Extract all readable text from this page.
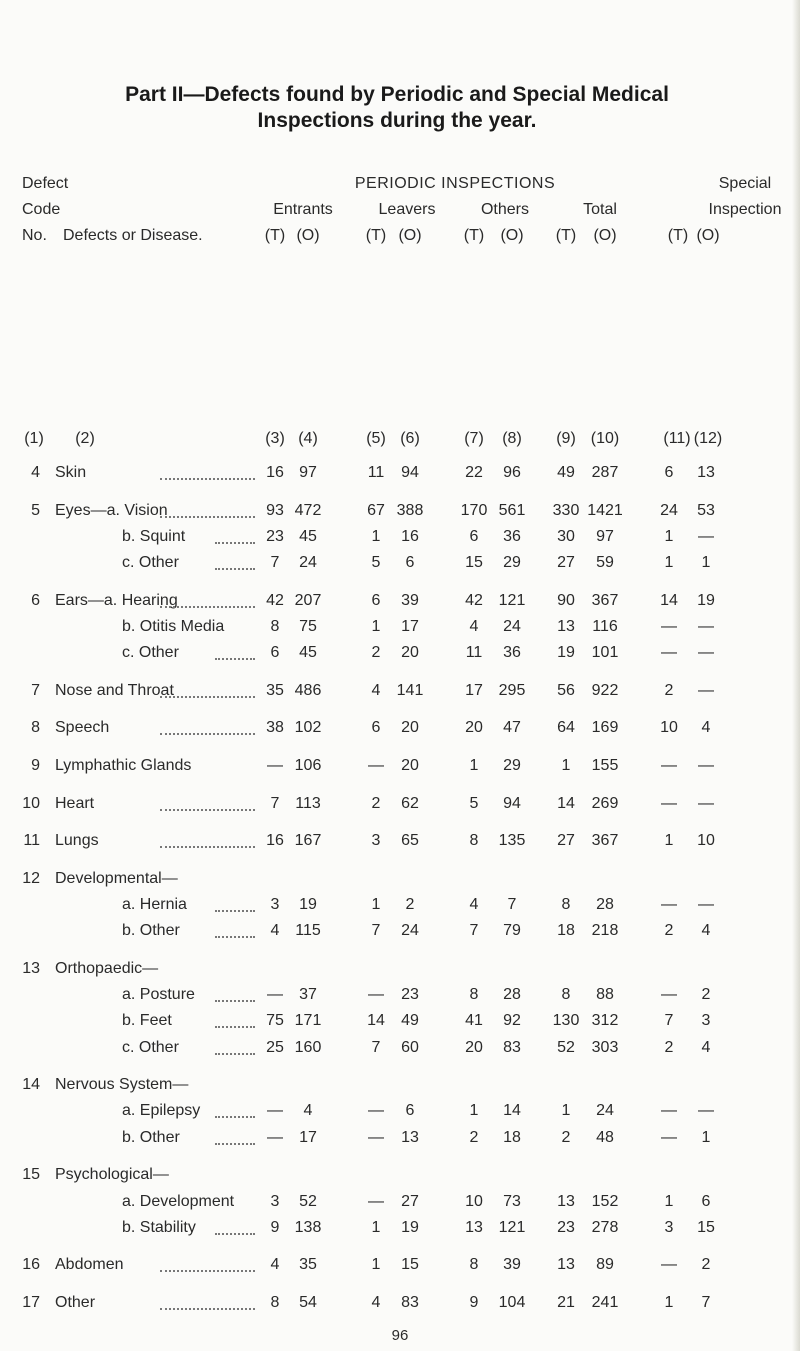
Part II—Defects found by Periodic and Special Medical
Inspections during the year.
Defect
Code
No. Defects or Disease.
PERIODIC INSPECTIONS	Special
Inspection
Entrants	Leavers	Others	Total
(T) (O)	(T) (O)	(T)	(O)	(T)	(O)	(T) (O)
(1)	(2)	(3) (4)	(5) (6)	(7)	(8)	(9) (10)	(11) (12)
4 Skin	16 97	11	94	22	96	49	287	6	13
5 Eyes—a. Vision	93 472	67 388	170 561	330 1421	24	53
b. Squint	23 45	1	16	6	36	30	97	1	—
c. Other	7	24	5	6	15	29	27	59	1	1
6 Ears—a. Hearing	42 207	6	39	42 121	90	367	14	19
b. Otitis Media	8	75	1	17	4	24	13	116	—	—
c. Other	6	45	2	20	11	36	19	101	—	—
7 Nose and Throat	35 486	4	141	17 295	56	922	2	—
8 Speech	38 102	6	20	20	47	64	169	10	4
9 Lymphathic Glands	— 106	—	20	1	29	1	155	—	—
10 Heart	7 113	2	62	5	94	14	269	—	—
11 Lungs	16 167	3	65	8	135	27	367	1	10
12 Developmental—
a. Hernia	3	19	1	2	4	7	8	28	—	—
b. Other	4 115	7	24	7	79	18	218	2	4
13 Orthopaedic—
a. Posture	—	37	—	23	8	28	8	88	—	2
b. Feet	75 171	14	49	41	92	130 312	7	3
c. Other	25 160	7	60	20	83	52	303	2	4
14 Nervous System—
a. Epilepsy	—	4	—	6	1	14	1	24	—	—
b. Other	—	17	—	13	2	18	2	48	—	1
15 Psychological—
a. Development	3	52	—	27	10	73	13	152	1	6
b. Stability	9 138	1	19	13 121	23	278	3	15
16 Abdomen	4	35	1	15	8	39	13	89	—	2
17 Other	8	54	4	83	9	104	21	241	1	7
96
